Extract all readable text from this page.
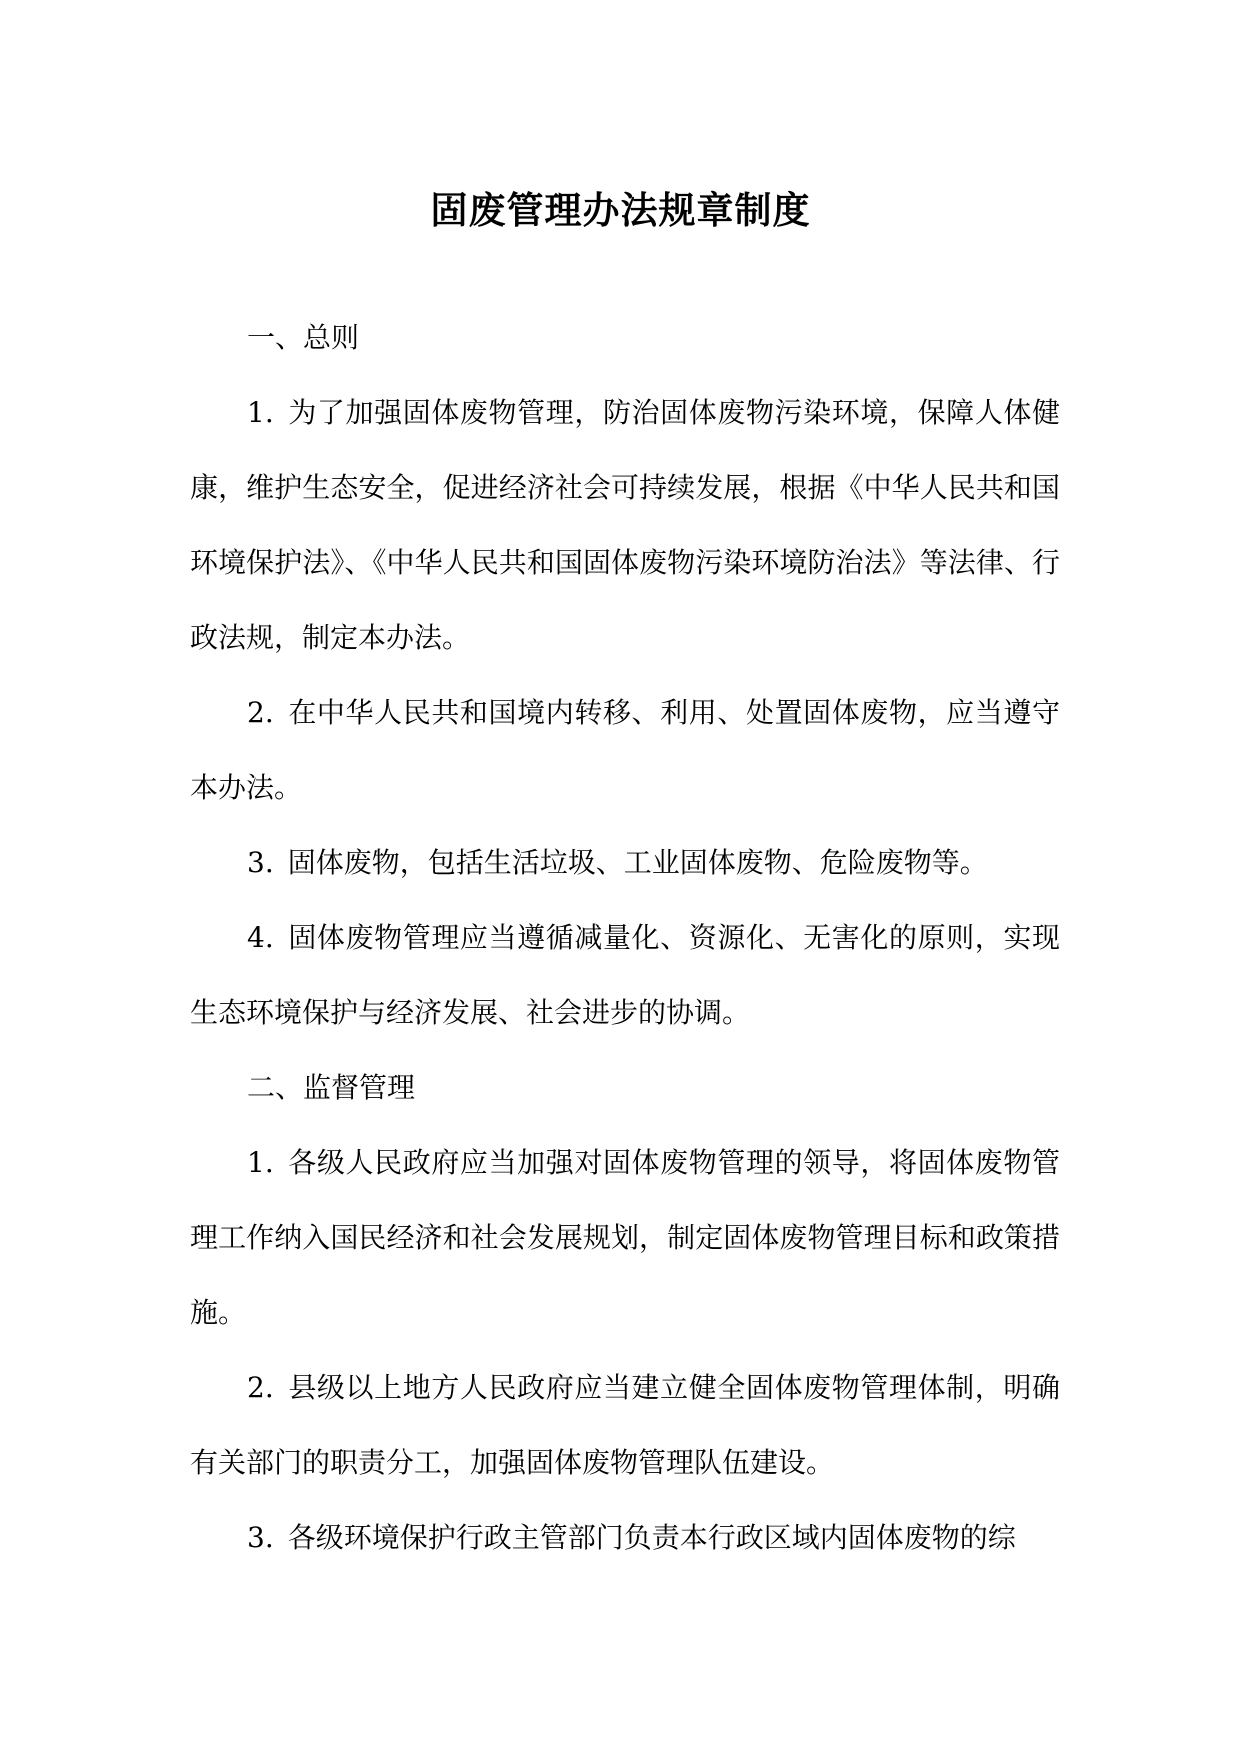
固废管理办法规章制度

一、总则

1. 为了加强固体废物管理，防治固体废物污染环境，保障人体健康，维护生态安全，促进经济社会可持续发展，根据《中华人民共和国环境保护法》、《中华人民共和国固体废物污染环境防治法》等法律、行政法规，制定本办法。

2. 在中华人民共和国境内转移、利用、处置固体废物，应当遵守本办法。

3. 固体废物，包括生活垃圾、工业固体废物、危险废物等。

4. 固体废物管理应当遵循减量化、资源化、无害化的原则，实现生态环境保护与经济发展、社会进步的协调。

二、监督管理

1. 各级人民政府应当加强对固体废物管理的领导，将固体废物管理工作纳入国民经济和社会发展规划，制定固体废物管理目标和政策措施。

2. 县级以上地方人民政府应当建立健全固体废物管理体制，明确有关部门的职责分工，加强固体废物管理队伍建设。

3. 各级环境保护行政主管部门负责本行政区域内固体废物的综
